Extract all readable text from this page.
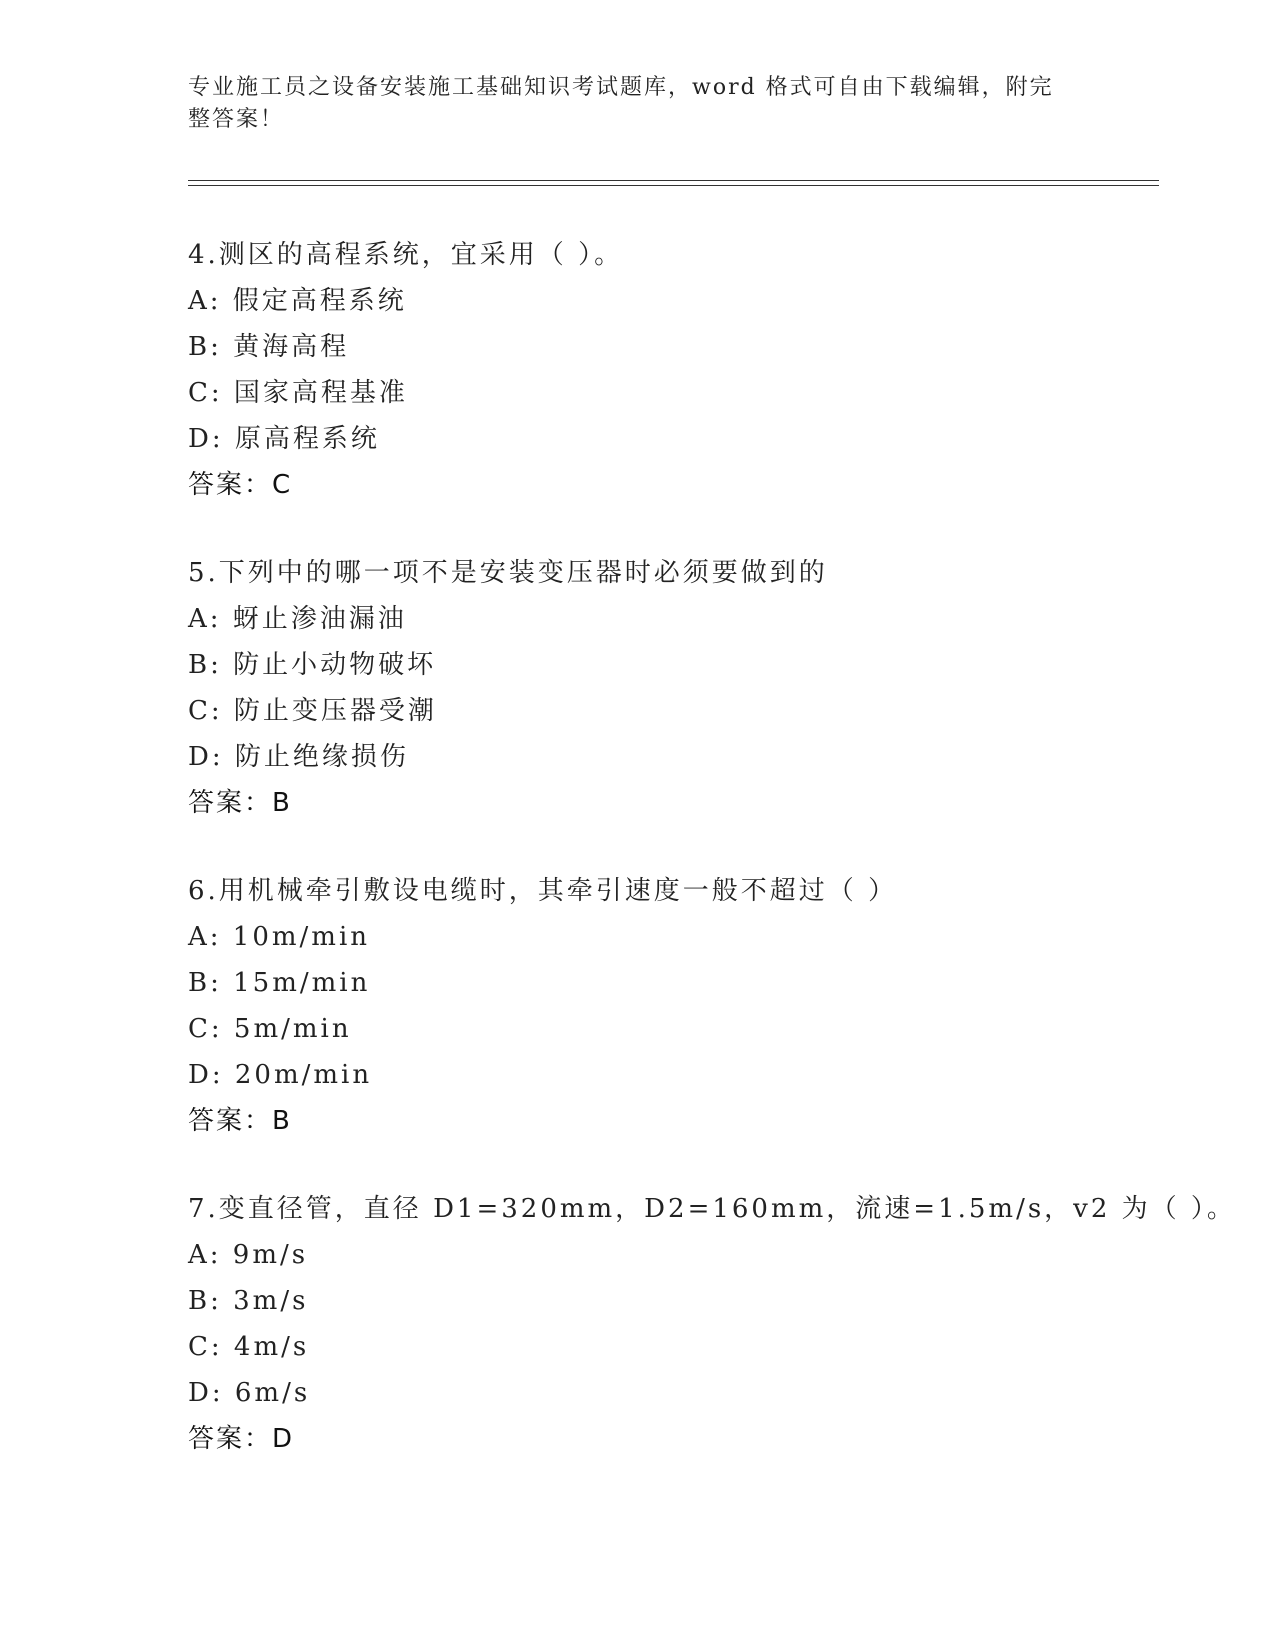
专业施工员之设备安装施工基础知识考试题库，word 格式可自由下载编辑，附完整答案！
4.测区的高程系统，宜采用（ ）。
A: 假定高程系统
B: 黄海高程
C: 国家高程基准
D: 原高程系统
答案：C
5.下列中的哪一项不是安装变压器时必须要做到的
A: 蚜止渗油漏油
B: 防止小动物破坏
C: 防止变压器受潮
D: 防止绝缘损伤
答案：B
6.用机械牵引敷设电缆时，其牵引速度一般不超过（ ）
A: 10m/min
B: 15m/min
C: 5m/min
D: 20m/min
答案：B
7.变直径管，直径 D1=320mm，D2=160mm，流速=1.5m/s，v2 为（ ）。
A: 9m/s
B: 3m/s
C: 4m/s
D: 6m/s
答案：D
